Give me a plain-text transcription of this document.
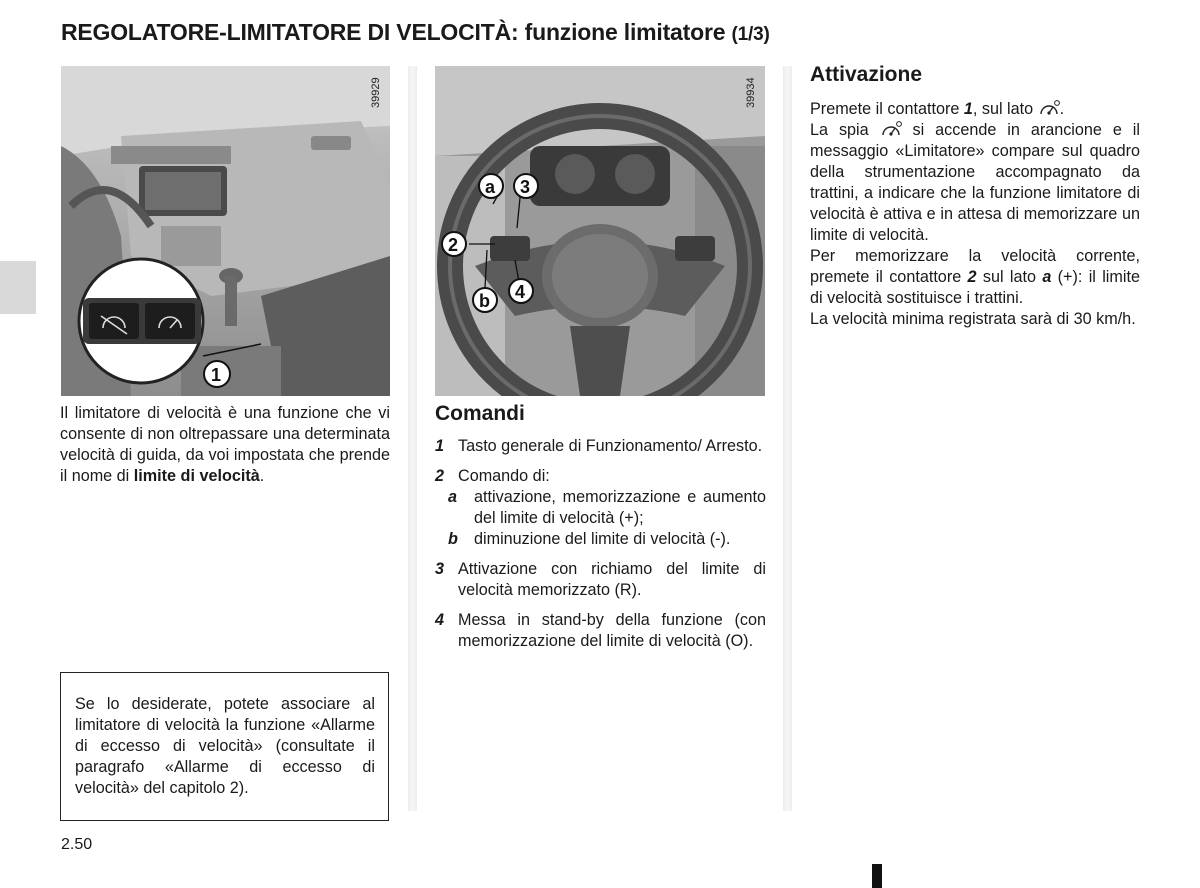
REGOLATORE-LIMITATORE DI VELOCITÀ: funzione limitatore (1/3)
1
39929
a 3
2
b 4
39934

Il limitatore di velocità è una funzione che vi consente di non oltrepassare una determinata velocità di guida, da voi impostata che prende il nome di limite di velocità.

Se lo desiderate, potete associare al limitatore di velocità la funzione «Allarme di eccesso di velocità» (consultate il paragrafo «Allarme di eccesso di velocità» del capitolo 2).
Comandi
1 Tasto generale di Funzionamento/ Arresto.
2 Comando di:
a attivazione, memorizzazione e aumento del limite di velocità (+);
b diminuzione del limite di velocità (-).
3 Attivazione con richiamo del limite di velocità memorizzato (R).
4 Messa in stand-by della funzione (con memorizzazione del limite di velocità (O).
Attivazione

Premete il contattore 1, sul lato .

La spia  si accende in arancione e il messaggio «Limitatore» compare sul quadro della strumentazione accompagnato da trattini, a indicare che la funzione limitatore di velocità è attiva e in attesa di memorizzare un limite di velocità.

Per memorizzare la velocità corrente, premete il contattore 2 sul lato a (+): il limite di velocità sostituisce i trattini.

La velocità minima registrata sarà di 30 km/h.

2.50
